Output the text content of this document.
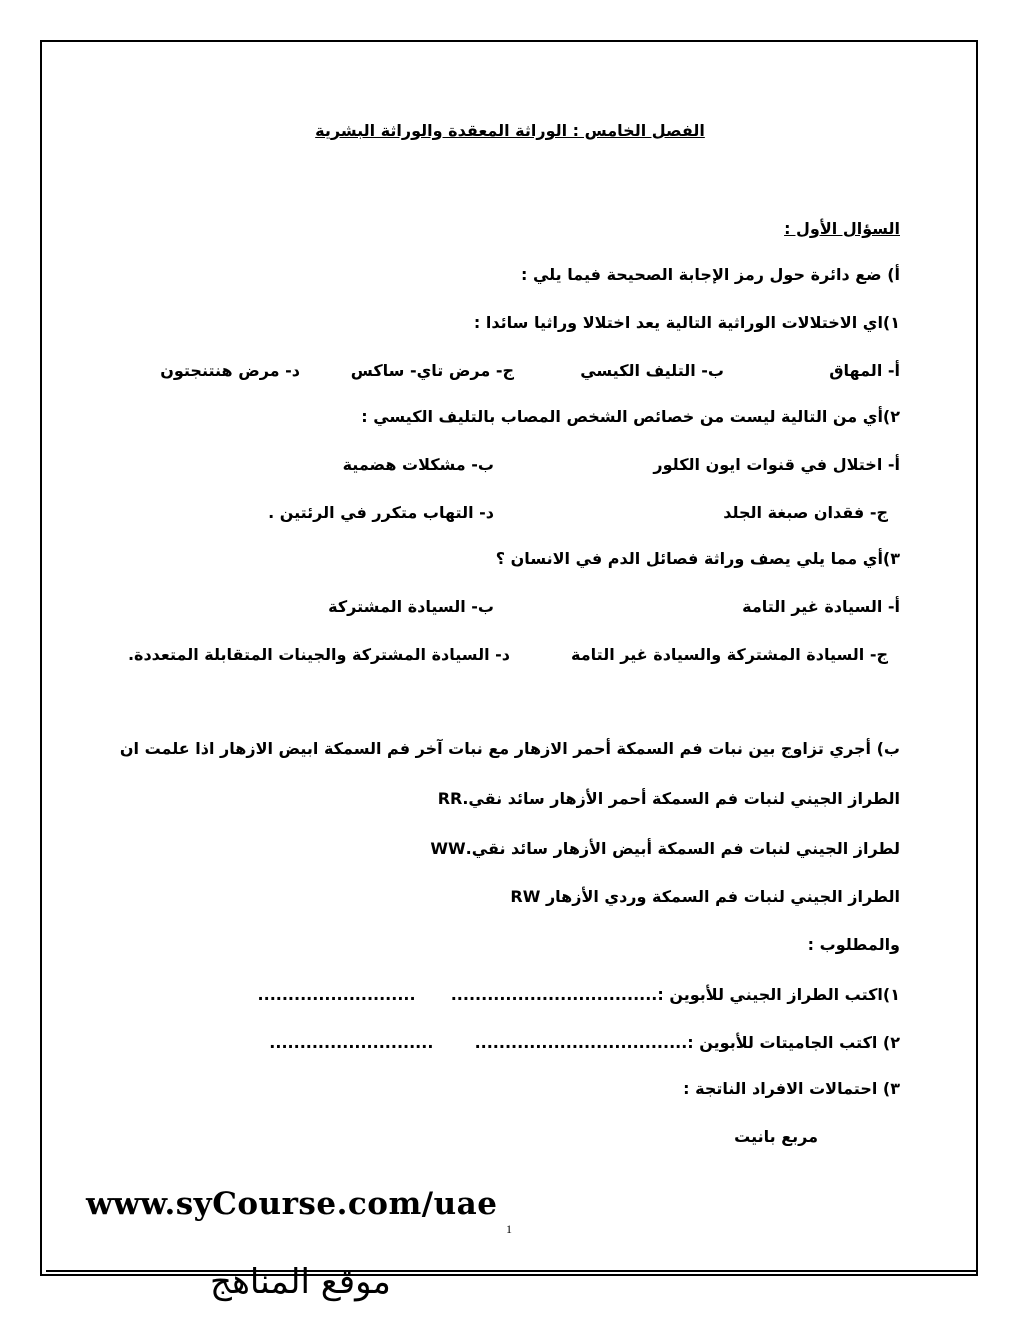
الفصل الخامس : الوراثة المعقدة والوراثة البشرية
السؤال الأول :
أ) ضع دائرة حول رمز الإجابة الصحيحة فيما يلي :
١)اي الاختلالات الوراثية التالية يعد اختلالا وراثيا سائدا :
أ- المهاق
ب- التليف الكيسي
ج- مرض تاي- ساكس
د- مرض هنتنجتون
٢)أي من التالية ليست من خصائص الشخص المصاب بالتليف الكيسي :
أ- اختلال في قنوات ايون الكلور
ب- مشكلات هضمية
ج- فقدان صبغة الجلد
د- التهاب متكرر في الرئتين .
٣)أي مما يلي يصف وراثة فصائل الدم في الانسان ؟
أ- السيادة غير التامة
ب- السيادة المشتركة
ج- السيادة المشتركة والسيادة غير التامة
د- السيادة المشتركة والجينات المتقابلة المتعددة.
ب) أجري تزاوج بين نبات فم السمكة أحمر الازهار مع نبات آخر فم السمكة ابيض الازهار اذا علمت ان
الطراز الجيني لنبات فم السمكة أحمر الأزهار سائد نقي.RR
لطراز الجيني لنبات فم السمكة أبيض الأزهار سائد نقي.WW
الطراز الجيني لنبات فم السمكة وردي الأزهار RW
والمطلوب :
١)اكتب الطراز الجيني للأبوين :.......................... ..................................
٢) اكتب الجاميتات للأبوين :...........................	...................................
٣) احتمالات الافراد الناتجة :
مربع بانيت
www.syCourse.com/uae
1
موقع المناهج
